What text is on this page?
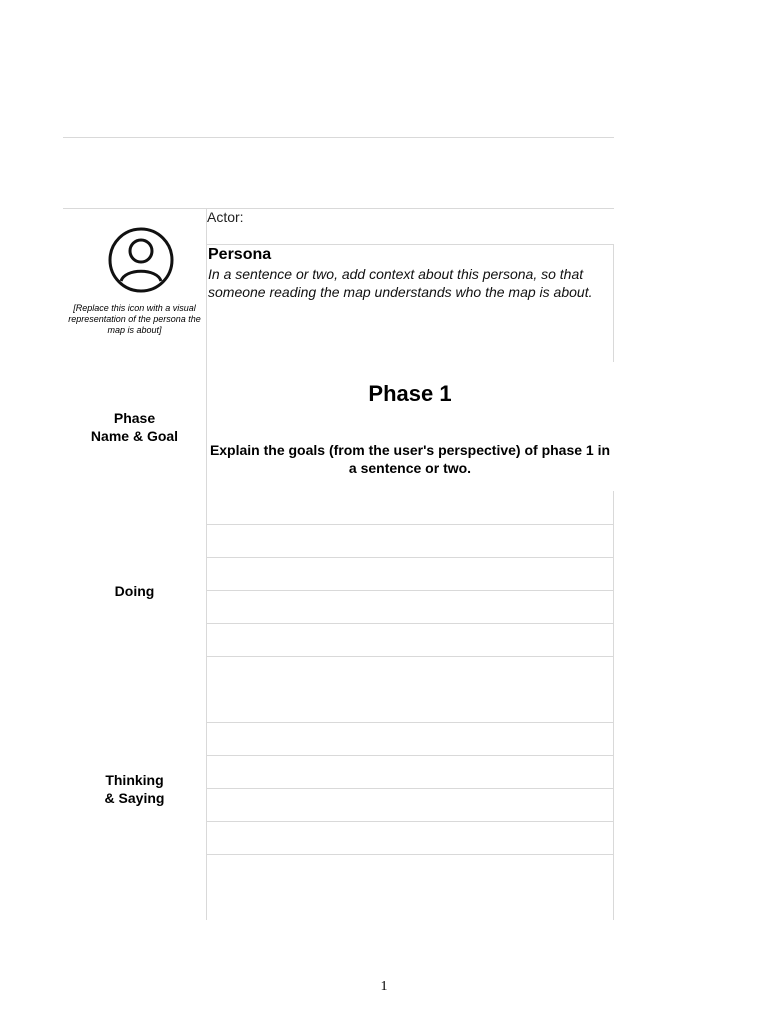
Actor:
Persona
In a sentence or two, add context about this persona, so that someone reading the map understands who the map is about.
[Replace this icon with a visual representation of the persona the map is about]
Phase
Name & Goal
Doing
Thinking
& Saying
Phase 1
Explain the goals (from the user's perspective) of phase 1 in a sentence or two.
1
